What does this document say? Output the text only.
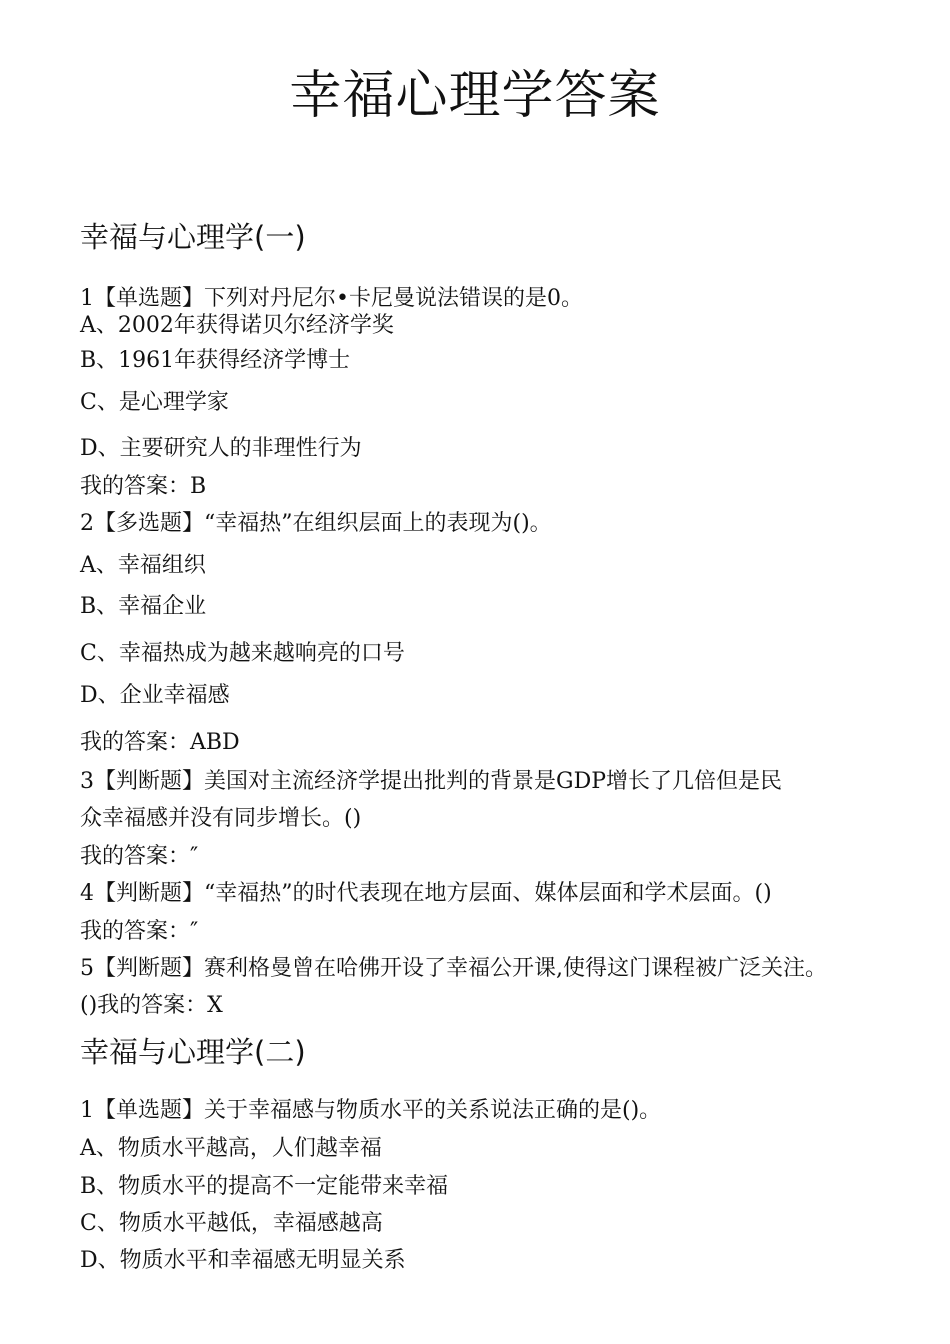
幸福心理学答案
幸福与心理学(一)
1【单选题】下列对丹尼尔•卡尼曼说法错误的是0。
A、2002年获得诺贝尔经济学奖
B、1961年获得经济学博士
C、是心理学家
D、主要研究人的非理性行为
我的答案：B
2【多选题】“幸福热”在组织层面上的表现为()。
A、幸福组织
B、幸福企业
C、幸福热成为越来越响亮的口号
D、企业幸福感
我的答案：ABD
3【判断题】美国对主流经济学提出批判的背景是GDP增长了几倍但是民
众幸福感并没有同步增长。()
我的答案：″
4【判断题】“幸福热”的时代表现在地方层面、媒体层面和学术层面。()
我的答案：″
5【判断题】赛利格曼曾在哈佛开设了幸福公开课,使得这门课程被广泛关注。
()我的答案：X
幸福与心理学(二)
1【单选题】关于幸福感与物质水平的关系说法正确的是()。
A、物质水平越高，人们越幸福
B、物质水平的提高不一定能带来幸福
C、物质水平越低，幸福感越高
D、物质水平和幸福感无明显关系
